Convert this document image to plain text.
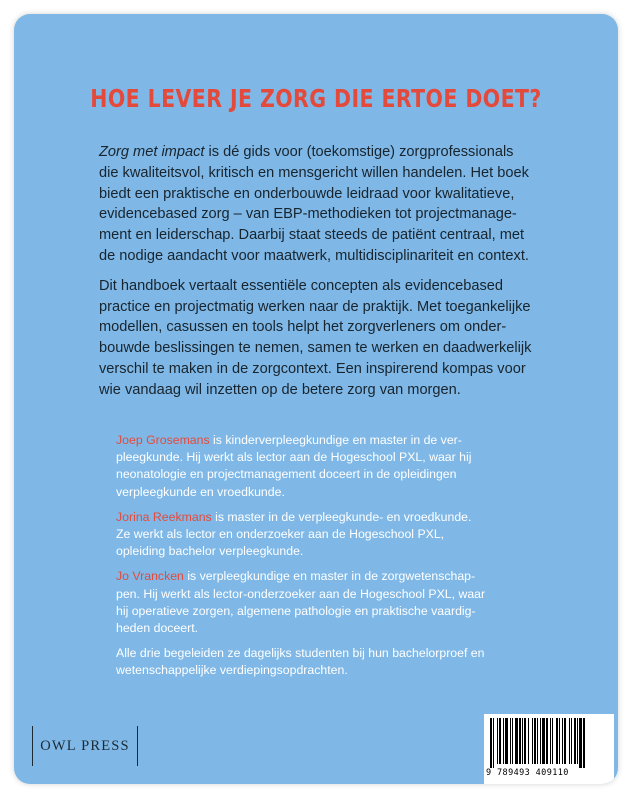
HOE LEVER JE ZORG DIE ERTOE DOET?

Zorg met impact is dé gids voor (toekomstige) zorgprofessionals
die kwaliteitsvol, kritisch en mensgericht willen handelen. Het boek
biedt een praktische en onderbouwde leidraad voor kwalitatieve,
evidencebased zorg – van EBP-methodieken tot projectmanage-
ment en leiderschap. Daarbij staat steeds de patiënt centraal, met
de nodige aandacht voor maatwerk, multidisciplinariteit en context.

Dit handboek vertaalt essentiële concepten als evidencebased
practice en projectmatig werken naar de praktijk. Met toegankelijke
modellen, casussen en tools helpt het zorgverleners om onder-
bouwde beslissingen te nemen, samen te werken en daadwerkelijk
verschil te maken in de zorgcontext. Een inspirerend kompas voor
wie vandaag wil inzetten op de betere zorg van morgen.

Joep Grosemans is kinderverpleegkundige en master in de ver-
pleegkunde. Hij werkt als lector aan de Hogeschool PXL, waar hij
neonatologie en projectmanagement doceert in de opleidingen
verpleegkunde en vroedkunde.

Jorina Reekmans is master in de verpleegkunde- en vroedkunde.
Ze werkt als lector en onderzoeker aan de Hogeschool PXL,
opleiding bachelor verpleegkunde.

Jo Vrancken is verpleegkundige en master in de zorgwetenschap-
pen. Hij werkt als lector-onderzoeker aan de Hogeschool PXL, waar
hij operatieve zorgen, algemene pathologie en praktische vaardig-
heden doceert.

Alle drie begeleiden ze dagelijks studenten bij hun bachelorproef en
wetenschappelijke verdiepingsopdrachten.

OWL PRESS
9 789493 409110
